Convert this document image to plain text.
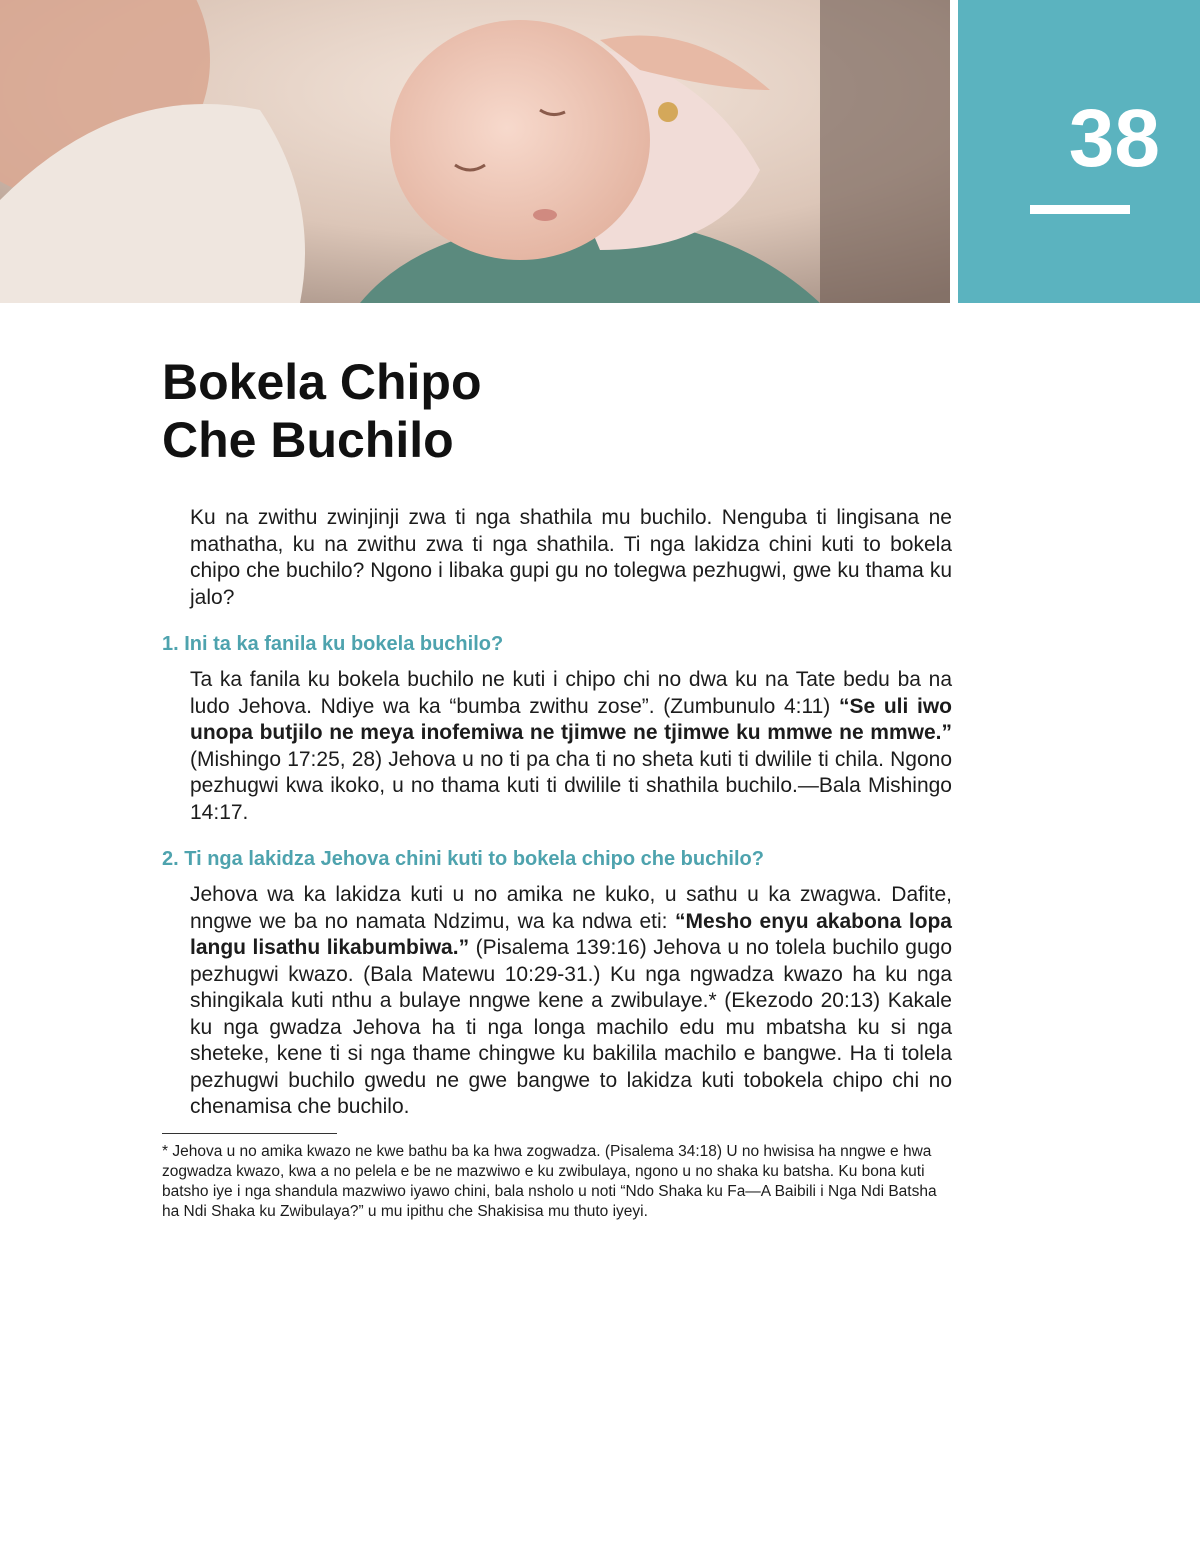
38
Bokela Chipo
Che Buchilo

Ku na zwithu zwinjinji zwa ti nga shathila mu buchilo. Nenguba ti lingisana ne mathatha, ku na zwithu zwa ti nga shathila. Ti nga lakidza chini kuti to bokela chipo che buchilo? Ngono i libaka gupi gu no tolegwa pezhugwi, gwe ku thama ku jalo?

1. Ini ta ka fanila ku bokela buchilo?

Ta ka fanila ku bokela buchilo ne kuti i chipo chi no dwa ku na Tate bedu ba na ludo Jehova. Ndiye wa ka “bumba zwithu zose”. (Zumbunulo 4:11) “Se uli iwo unopa butjilo ne meya inofemiwa ne tjimwe ne tjimwe ku mmwe ne mmwe.” (Mishingo 17:25, 28) Jehova u no ti pa cha ti no sheta kuti ti dwilile ti chila. Ngono pezhugwi kwa ikoko, u no thama kuti ti dwilile ti shathila buchilo.—Bala Mishingo 14:17.

2. Ti nga lakidza Jehova chini kuti to bokela chipo che buchilo?

Jehova wa ka lakidza kuti u no amika ne kuko, u sathu u ka zwagwa. Dafite, nngwe we ba no namata Ndzimu, wa ka ndwa eti: “Mesho enyu akabona lopa langu lisathu likabumbiwa.” (Pisalema 139:16) Jehova u no tolela buchilo gugo pezhugwi kwazo. (Bala Matewu 10:29-31.) Ku nga ngwadza kwazo ha ku nga shingikala kuti nthu a bulaye nngwe kene a zwibulaye.* (Ekezodo 20:13) Kakale ku nga gwadza Jehova ha ti nga longa machilo edu mu mbatsha ku si nga sheteke, kene ti si nga thame chingwe ku bakilila machilo e bangwe. Ha ti tolela pezhugwi buchilo gwedu ne gwe bangwe to lakidza kuti tobokela chipo chi no chenamisa che buchilo.

* Jehova u no amika kwazo ne kwe bathu ba ka hwa zogwadza. (Pisalema 34:18) U no hwisisa ha nngwe e hwa zogwadza kwazo, kwa a no pelela e be ne mazwiwo e ku zwibulaya, ngono u no shaka ku batsha. Ku bona kuti batsho iye i nga shandula mazwiwo iyawo chini, bala nsholo u noti “Ndo Shaka ku Fa—A Baibili i Nga Ndi Batsha ha Ndi Shaka ku Zwibulaya?” u mu ipithu che Shakisisa mu thuto iyeyi.
